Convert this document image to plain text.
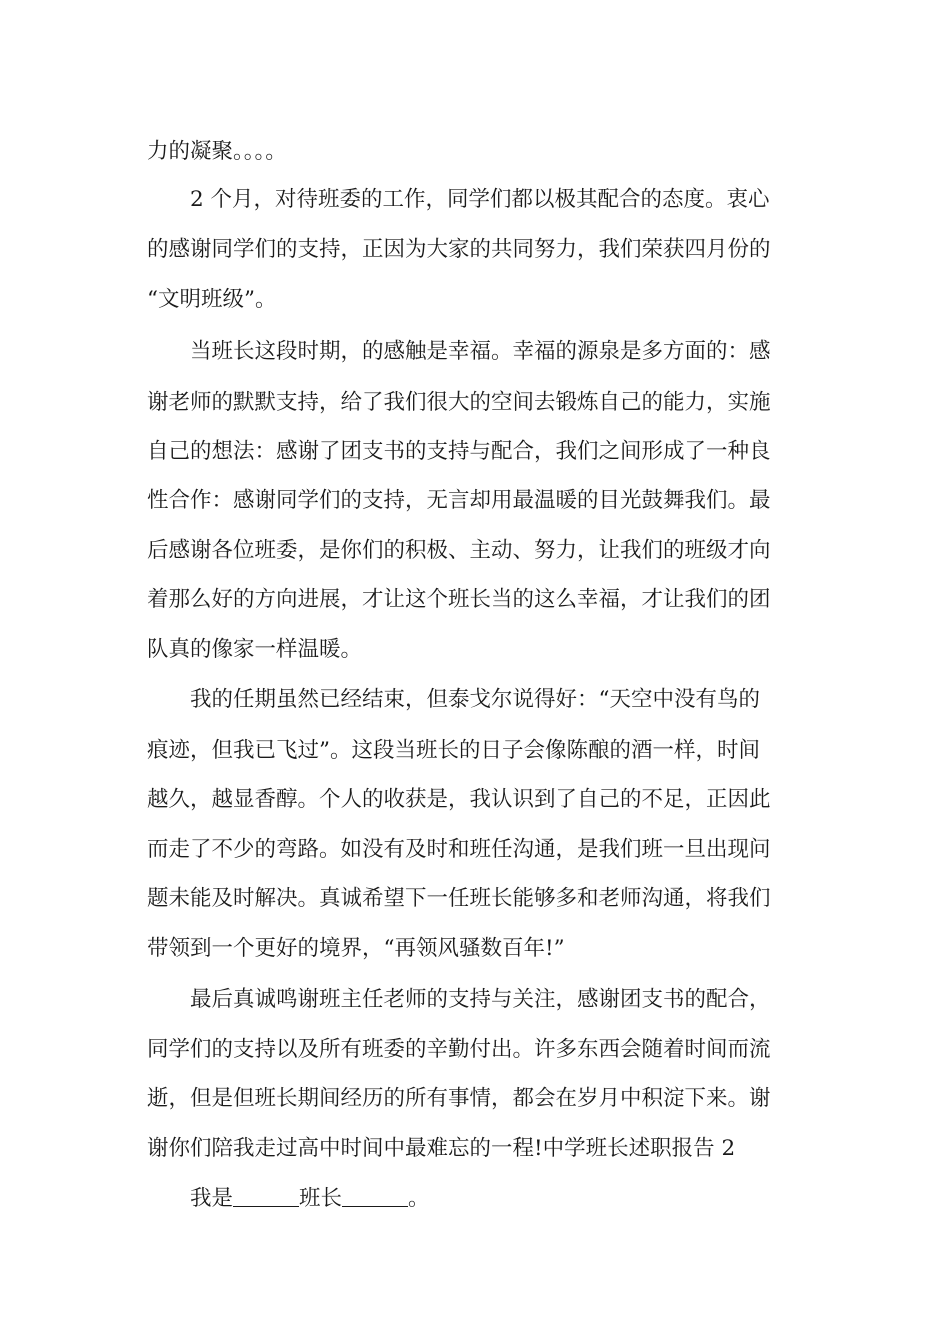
力的凝聚。。。。
2 个月，对待班委的工作，同学们都以极其配合的态度。衷心
的感谢同学们的支持，正因为大家的共同努力，我们荣获四月份的
“文明班级”。
当班长这段时期，的感触是幸福。幸福的源泉是多方面的：感
谢老师的默默支持，给了我们很大的空间去锻炼自己的能力，实施
自己的想法：感谢了团支书的支持与配合，我们之间形成了一种良
性合作：感谢同学们的支持，无言却用最温暖的目光鼓舞我们。最
后感谢各位班委，是你们的积极、主动、努力，让我们的班级才向
着那么好的方向进展，才让这个班长当的这么幸福，才让我们的团
队真的像家一样温暖。
我的任期虽然已经结束，但泰戈尔说得好：“天空中没有鸟的
痕迹，但我已飞过”。这段当班长的日子会像陈酿的酒一样，时间
越久，越显香醇。个人的收获是，我认识到了自己的不足，正因此
而走了不少的弯路。如没有及时和班任沟通，是我们班一旦出现问
题未能及时解决。真诚希望下一任班长能够多和老师沟通，将我们
带领到一个更好的境界，“再领风骚数百年!”
最后真诚鸣谢班主任老师的支持与关注，感谢团支书的配合，
同学们的支持以及所有班委的辛勤付出。许多东西会随着时间而流
逝，但是但班长期间经历的所有事情，都会在岁月中积淀下来。谢
谢你们陪我走过高中时间中最难忘的一程!中学班长述职报告 2
我是	班长	。
